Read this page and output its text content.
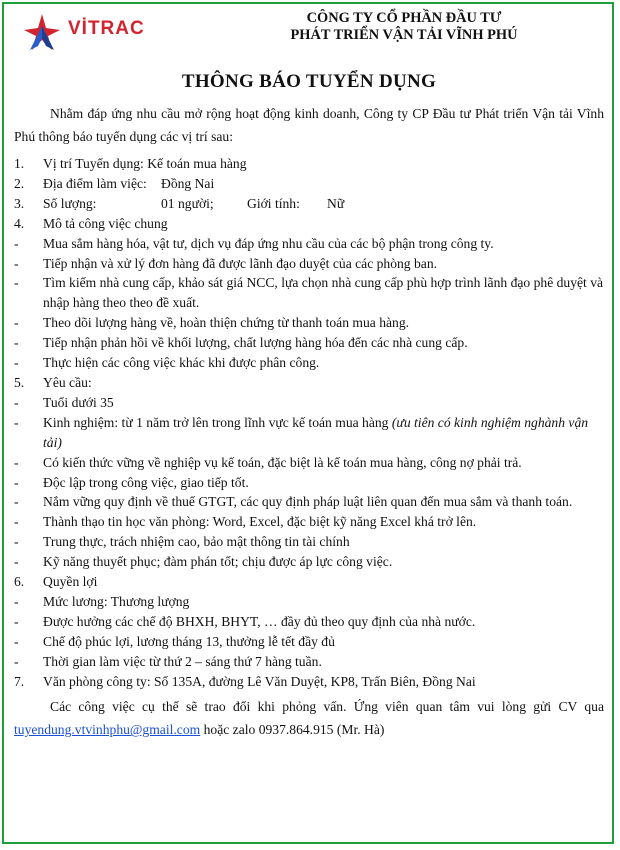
VİTRAC	CÔNG TY CỔ PHẦN ĐẦU TƯ
PHÁT TRIỂN VẬN TẢI VĨNH PHÚ
THÔNG BÁO TUYỂN DỤNG

Nhằm đáp ứng nhu cầu mở rộng hoạt động kinh doanh, Công ty CP Đầu tư Phát triển Vận tải Vĩnh Phú thông báo tuyển dụng các vị trí sau:

1.	Vị trí Tuyển dụng: Kế toán mua hàng
2.	Địa điểm làm việc: Đồng Nai
3.	Số lượng:	01 người; Giới tính: Nữ
4.	Mô tả công việc chung
-	Mua sắm hàng hóa, vật tư, dịch vụ đáp ứng nhu cầu của các bộ phận trong công ty.
-	Tiếp nhận và xử lý đơn hàng đã được lãnh đạo duyệt của các phòng ban.
-	Tìm kiếm nhà cung cấp, khảo sát giá NCC, lựa chọn nhà cung cấp phù hợp trình lãnh đạo phê duyệt và nhập hàng theo theo đề xuất.
-	Theo dõi lượng hàng về, hoàn thiện chứng từ thanh toán mua hàng.
-	Tiếp nhận phản hồi về khối lượng, chất lượng hàng hóa đến các nhà cung cấp.
-	Thực hiện các công việc khác khi được phân công.
5.	Yêu cầu:
-	Tuổi dưới 35
-	Kinh nghiệm: từ 1 năm trở lên trong lĩnh vực kế toán mua hàng (ưu tiên có kinh nghiệm nghành vận tải)
-	Có kiến thức vững về nghiệp vụ kế toán, đặc biệt là kế toán mua hàng, công nợ phải trả.
-	Độc lập trong công việc, giao tiếp tốt.
-	Nắm vững quy định về thuế GTGT, các quy định pháp luật liên quan đến mua sắm và thanh toán.
-	Thành thạo tin học văn phòng: Word, Excel, đặc biệt kỹ năng Excel khá trở lên.
-	Trung thực, trách nhiệm cao, bảo mật thông tin tài chính
-	Kỹ năng thuyết phục; đàm phán tốt; chịu được áp lực công việc.
6.	Quyền lợi
-	Mức lương: Thương lượng
-	Được hưởng các chế độ BHXH, BHYT, … đầy đủ theo quy định của nhà nước.
-	Chế độ phúc lợi, lương tháng 13, thưởng lễ tết đầy đủ
-	Thời gian làm việc từ thứ 2 – sáng thứ 7 hàng tuần.
7.	Văn phòng công ty: Số 135A, đường Lê Văn Duyệt, KP8, Trấn Biên, Đồng Nai
Các công việc cụ thể sẽ trao đổi khi phỏng vấn. Ứng viên quan tâm vui lòng gửi CV qua tuyendung.vtvinhphu@gmail.com hoặc zalo 0937.864.915 (Mr. Hà)
